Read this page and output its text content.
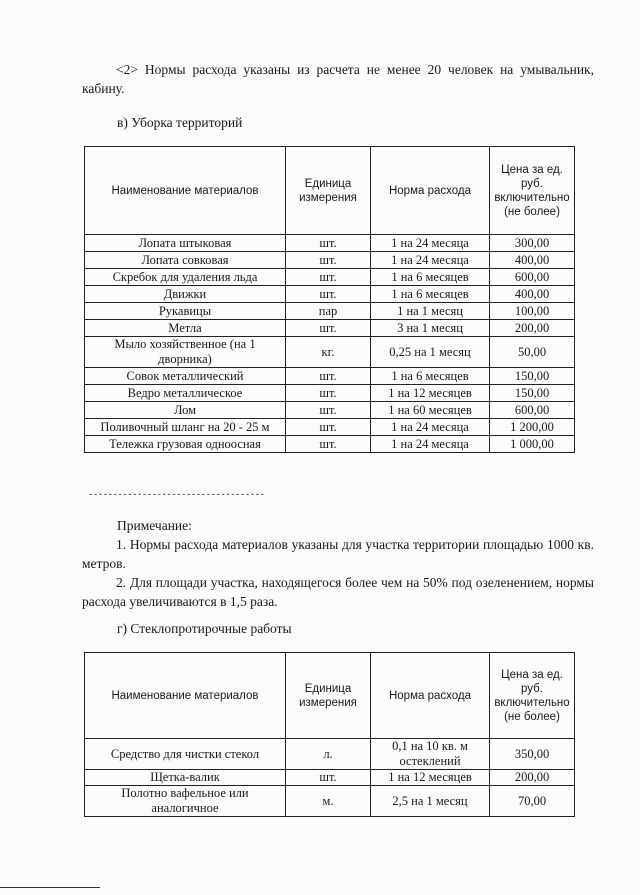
<2> Нормы расхода указаны из расчета не менее 20 человек на умывальник, кабину.
в) Уборка территорий
Наименование материалов	Единица измерения	Норма расхода	Цена за ед. руб. включительно (не более)
Лопата штыковая	шт.	1 на 24 месяца	300,00
Лопата совковая	шт.	1 на 24 месяца	400,00
Скребок для удаления льда	шт.	1 на 6 месяцев	600,00
Движки	шт.	1 на 6 месяцев	400,00
Рукавицы	пар	1 на 1 месяц	100,00
Метла	шт.	3 на 1 месяц	200,00
Мыло хозяйственное (на 1 дворника)	кг.	0,25 на 1 месяц	50,00
Совок металлический	шт.	1 на 6 месяцев	150,00
Ведро металлическое	шт.	1 на 12 месяцев	150,00
Лом	шт.	1 на 60 месяцев	600,00
Поливочный шланг на 20 - 25 м	шт.	1 на 24 месяца	1 200,00
Тележка грузовая одноосная	шт.	1 на 24 месяца	1 000,00
------------------------------------
Примечание:
1. Нормы расхода материалов указаны для участка территории площадью 1000 кв. метров.
2. Для площади участка, находящегося более чем на 50% под озеленением, нормы расхода увеличиваются в 1,5 раза.
г) Стеклопротирочные работы
Наименование материалов	Единица измерения	Норма расхода	Цена за ед. руб. включительно (не более)
Средство для чистки стекол	л.	0,1 на 10 кв. м остеклений	350,00
Щетка-валик	шт.	1 на 12 месяцев	200,00
Полотно вафельное или аналогичное	м.	2,5 на 1 месяц	70,00
